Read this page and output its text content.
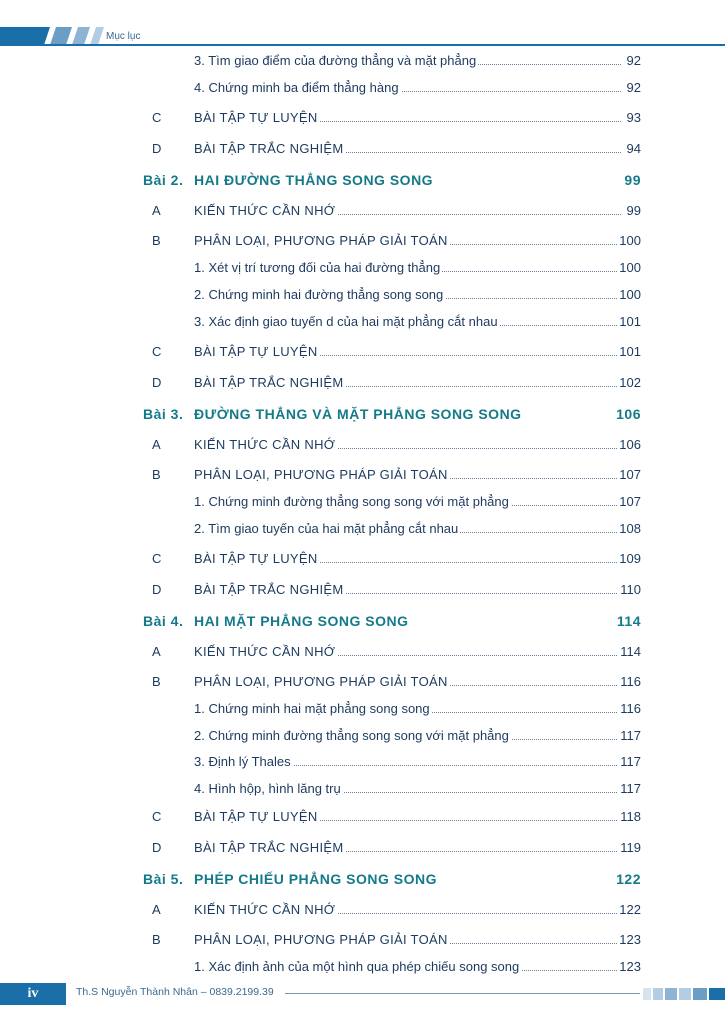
Mục lục
3. Tìm giao điểm của đường thẳng và mặt phẳng	92
4. Chứng minh ba điểm thẳng hàng	92
C	BÀI TẬP TỰ LUYỆN	93
D	BÀI TẬP TRẮC NGHIỆM	94
Bài 2. HAI ĐƯỜNG THẲNG SONG SONG	99
A	KIẾN THỨC CẦN NHỚ	99
B	PHÂN LOẠI, PHƯƠNG PHÁP GIẢI TOÁN	100
1. Xét vị trí tương đối của hai đường thẳng	100
2. Chứng minh hai đường thẳng song song	100
3. Xác định giao tuyến d của hai mặt phẳng cắt nhau	101
C	BÀI TẬP TỰ LUYỆN	101
D	BÀI TẬP TRẮC NGHIỆM	102
Bài 3. ĐƯỜNG THẲNG VÀ MẶT PHẲNG SONG SONG	106
A	KIẾN THỨC CẦN NHỚ	106
B	PHÂN LOẠI, PHƯƠNG PHÁP GIẢI TOÁN	107
1. Chứng minh đường thẳng song song với mặt phẳng	107
2. Tìm giao tuyến của hai mặt phẳng cắt nhau	108
C	BÀI TẬP TỰ LUYỆN	109
D	BÀI TẬP TRẮC NGHIỆM	110
Bài 4. HAI MẶT PHẲNG SONG SONG	114
A	KIẾN THỨC CẦN NHỚ	114
B	PHÂN LOẠI, PHƯƠNG PHÁP GIẢI TOÁN	116
1. Chứng minh hai mặt phẳng song song	116
2. Chứng minh đường thẳng song song với mặt phẳng	117
3. Định lý Thales	117
4. Hình hộp, hình lăng trụ	117
C	BÀI TẬP TỰ LUYỆN	118
D	BÀI TẬP TRẮC NGHIỆM	119
Bài 5. PHÉP CHIẾU PHẲNG SONG SONG	122
A	KIẾN THỨC CẦN NHỚ	122
B	PHÂN LOẠI, PHƯƠNG PHÁP GIẢI TOÁN	123
1. Xác định ảnh của một hình qua phép chiếu song song	123
iv	Th.S Nguyễn Thành Nhân – 0839.2199.39
